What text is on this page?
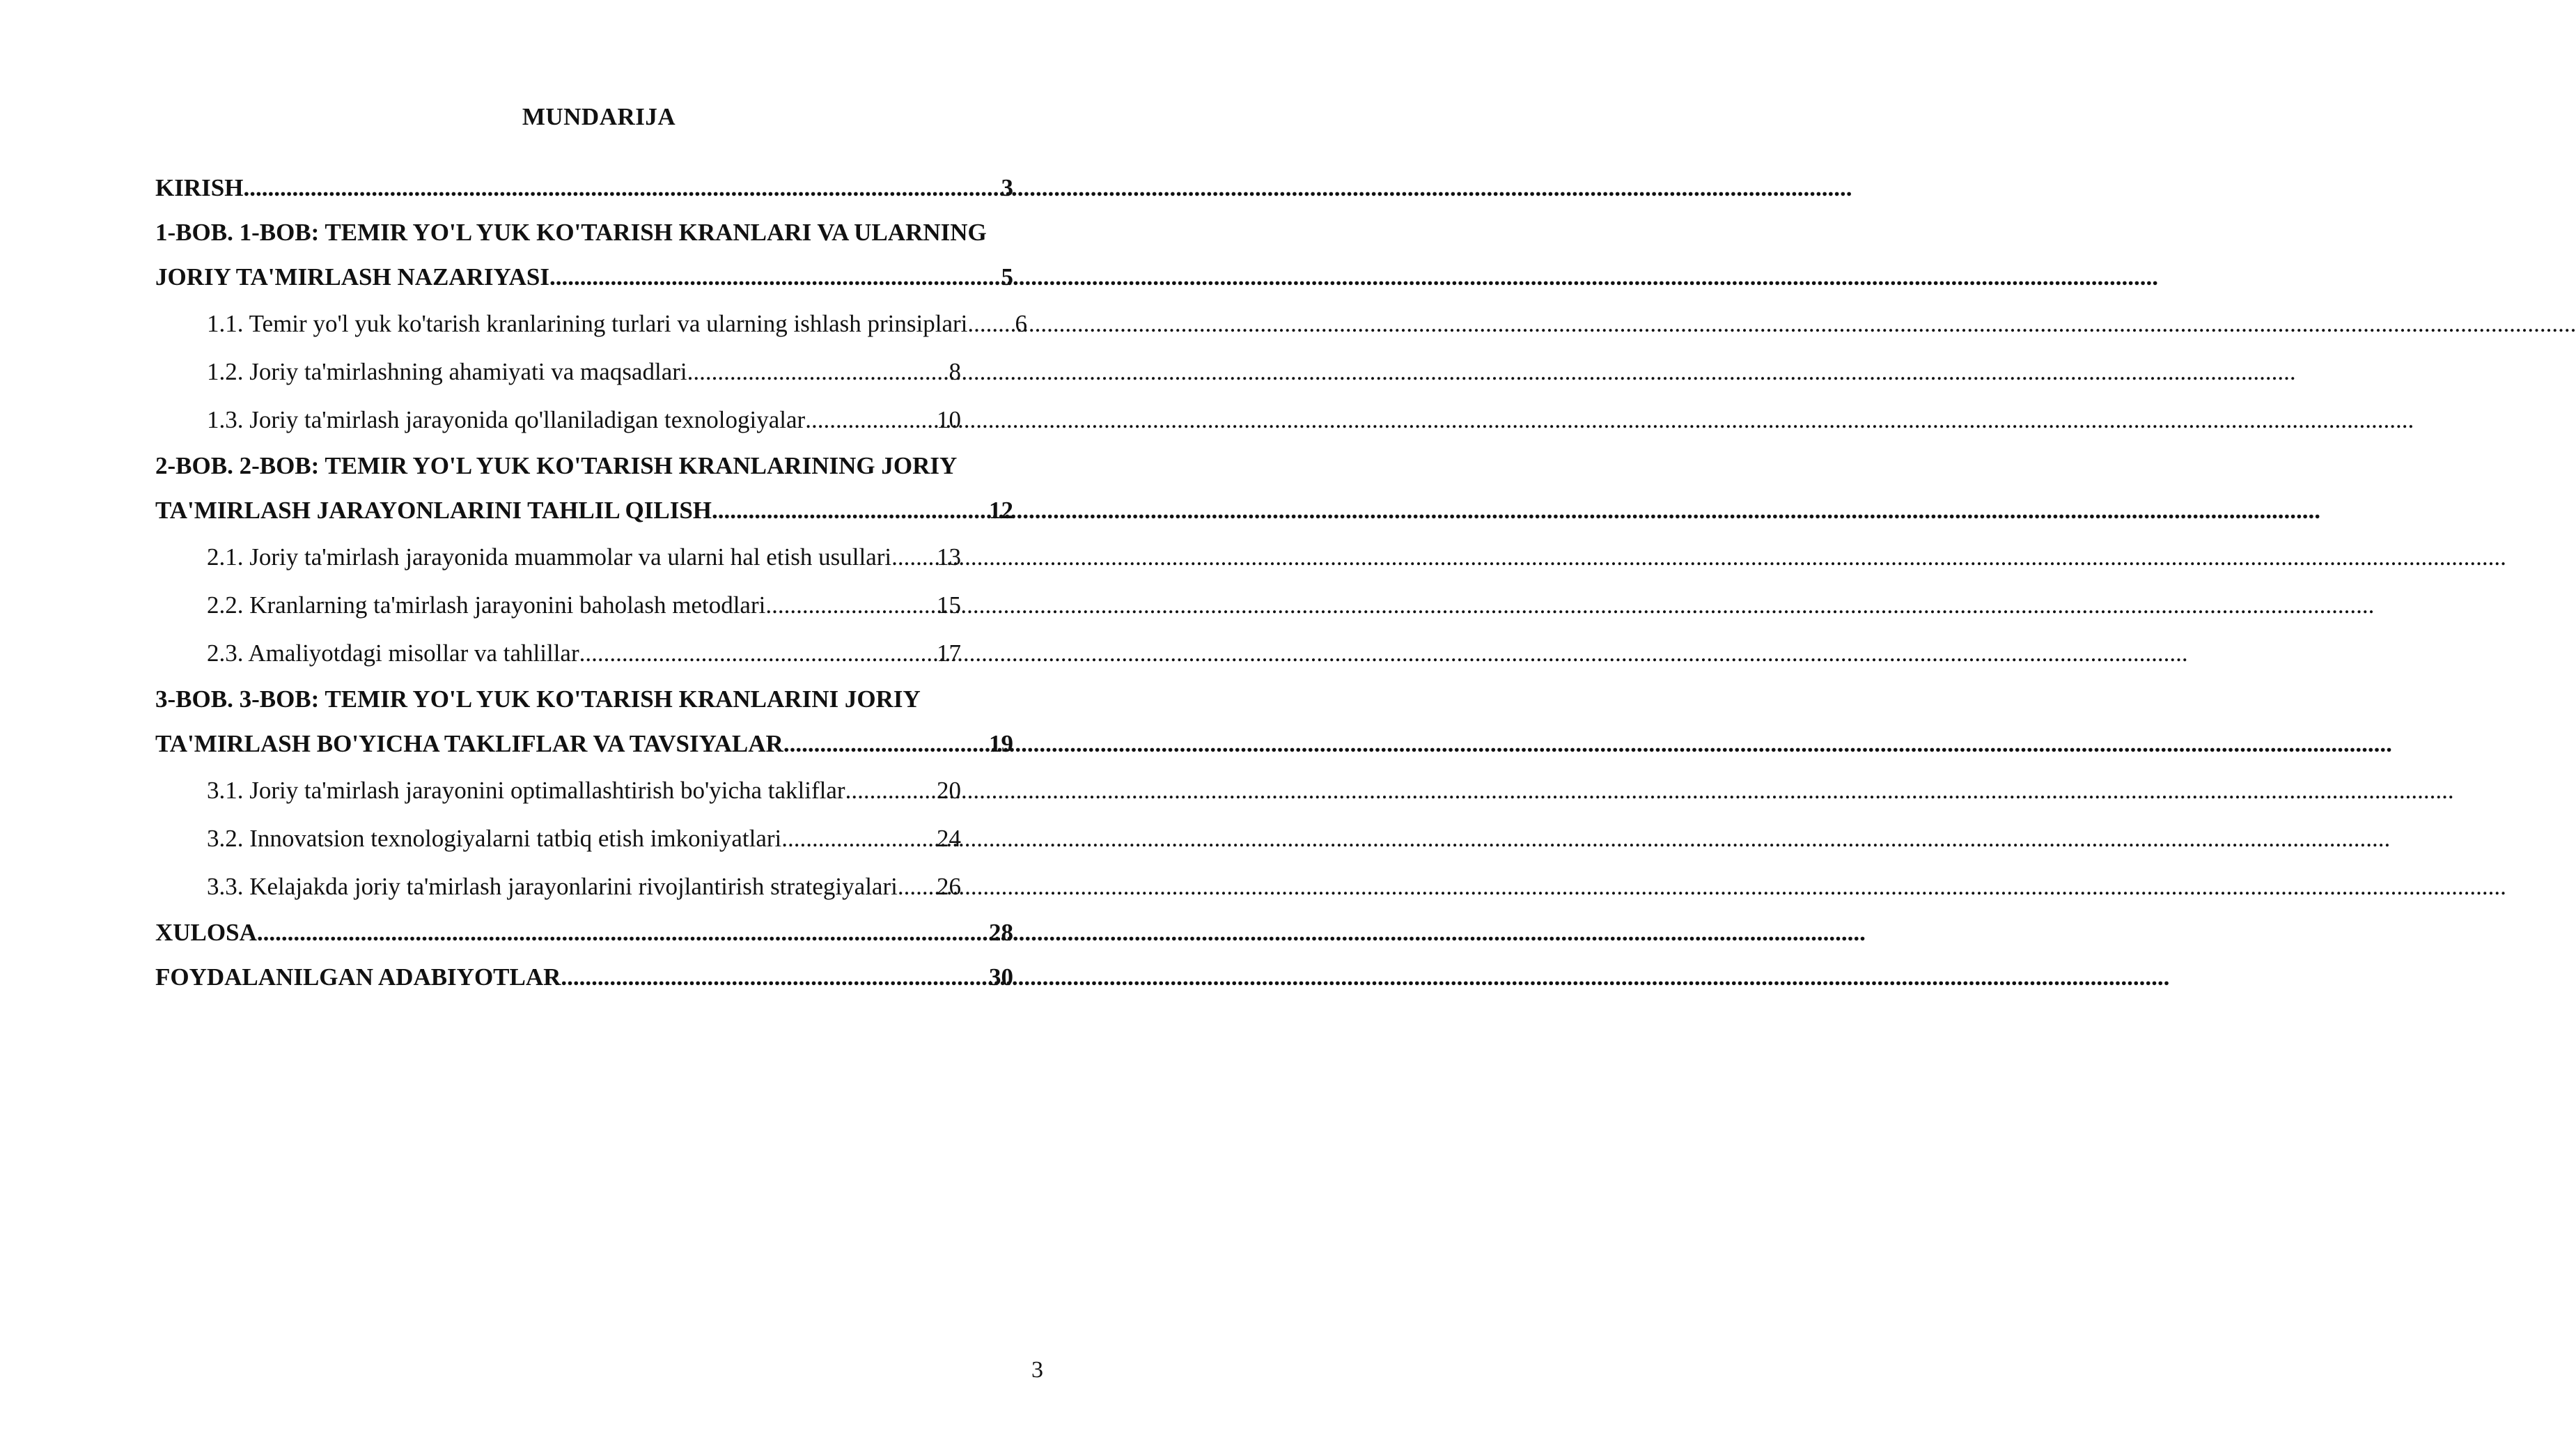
MUNDARIJA
KIRISH .....	3
1-BOB. 1-BOB: TEMIR YO'L YUK KO'TARISH KRANLARI VA ULARNING
JORIY TA'MIRLASH NAZARIYASI .....	5
1.1. Temir yo'l yuk ko'tarish kranlarining turlari va ularning ishlash prinsiplari ..... 6
1.2. Joriy ta'mirlashning ahamiyati va maqsadlari .....	8
1.3. Joriy ta'mirlash jarayonida qo'llaniladigan texnologiyalar .....	10
2-BOB. 2-BOB: TEMIR YO'L YUK KO'TARISH KRANLARINING JORIY
TA'MIRLASH JARAYONLARINI TAHLIL QILISH .....	12
2.1. Joriy ta'mirlash jarayonida muammolar va ularni hal etish usullari. ..... 13
2.2. Kranlarning ta'mirlash jarayonini baholash metodlari .....	15
2.3. Amaliyotdagi misollar va tahlillar .....	17
3-BOB. 3-BOB: TEMIR YO'L YUK KO'TARISH KRANLARINI JORIY
TA'MIRLASH BO'YICHA TAKLIFLAR VA TAVSIYALAR .....	19
3.1. Joriy ta'mirlash jarayonini optimallashtirish bo'yicha takliflar .....	20
3.2. Innovatsion texnologiyalarni tatbiq etish imkoniyatlari .....	24
3.3. Kelajakda joriy ta'mirlash jarayonlarini rivojlantirish strategiyalari ..... 26
XULOSA .....	28
FOYDALANILGAN ADABIYOTLAR .....	30
3
